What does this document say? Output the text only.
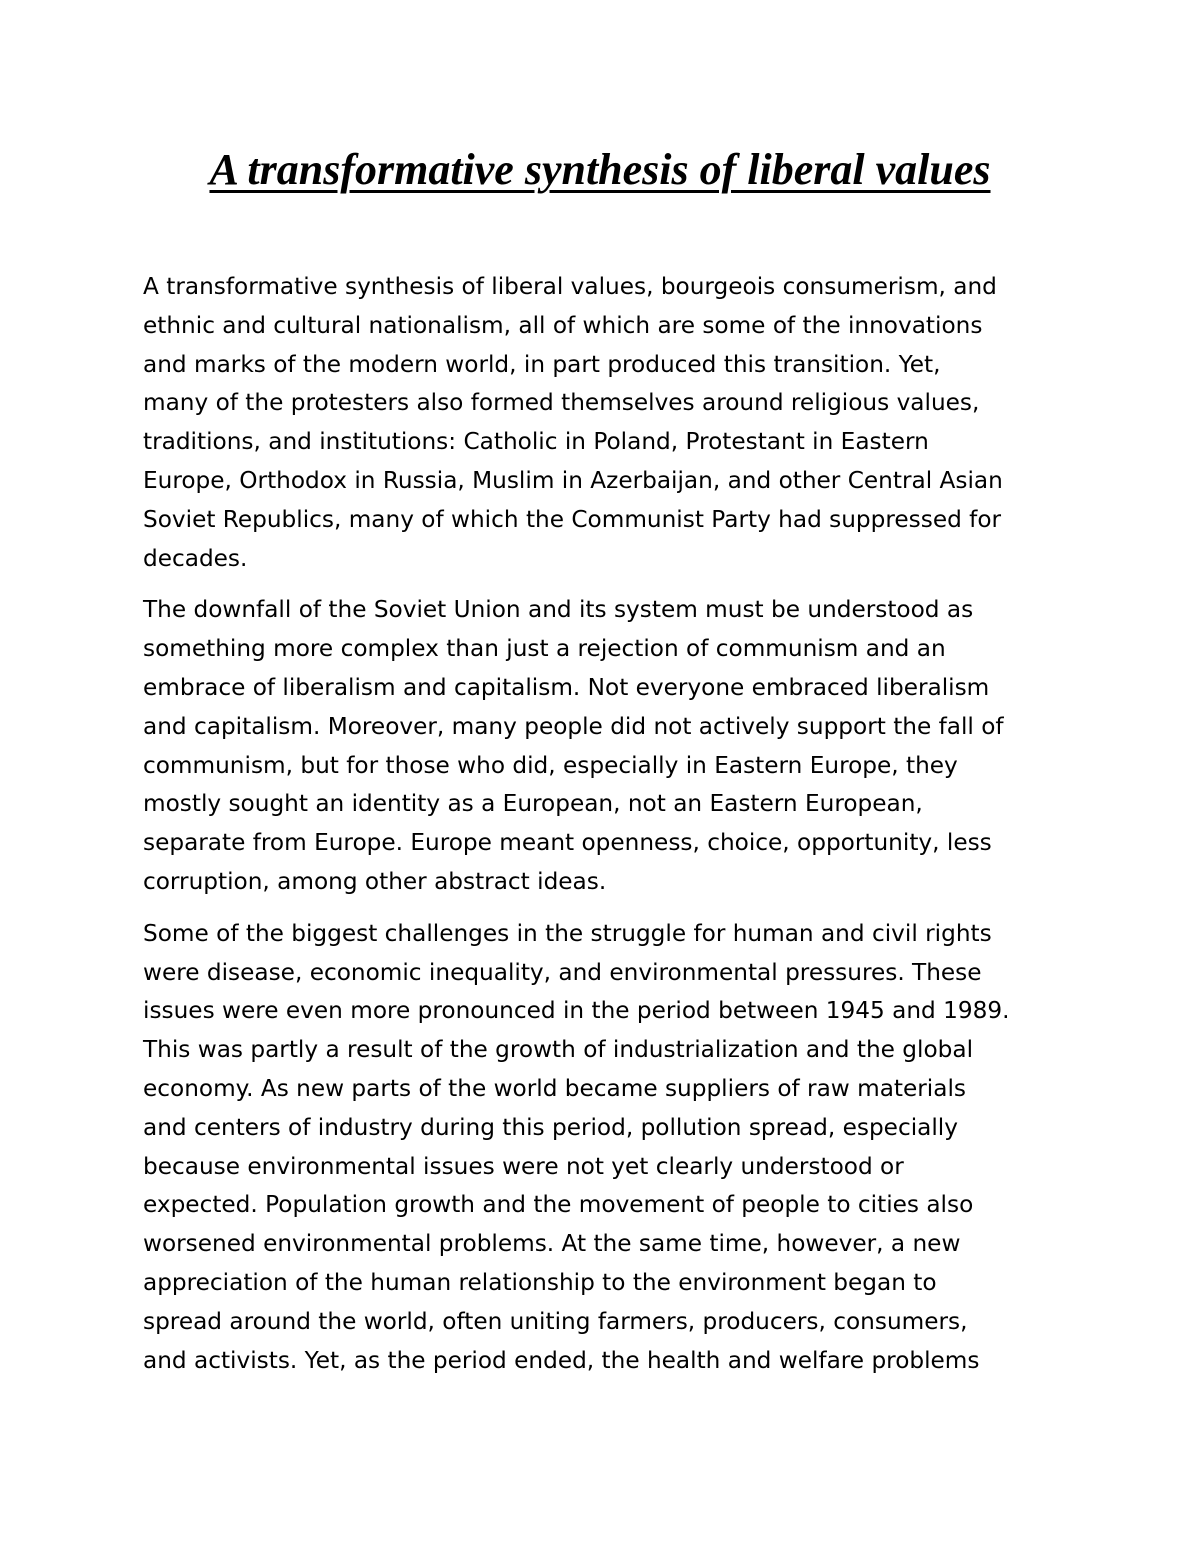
A transformative synthesis of liberal values
A transformative synthesis of liberal values, bourgeois consumerism, and
ethnic and cultural nationalism, all of which are some of the innovations
and marks of the modern world, in part produced this transition. Yet,
many of the protesters also formed themselves around religious values,
traditions, and institutions: Catholic in Poland, Protestant in Eastern
Europe, Orthodox in Russia, Muslim in Azerbaijan, and other Central Asian
Soviet Republics, many of which the Communist Party had suppressed for
decades.
The downfall of the Soviet Union and its system must be understood as
something more complex than just a rejection of communism and an
embrace of liberalism and capitalism. Not everyone embraced liberalism
and capitalism. Moreover, many people did not actively support the fall of
communism, but for those who did, especially in Eastern Europe, they
mostly sought an identity as a European, not an Eastern European,
separate from Europe. Europe meant openness, choice, opportunity, less
corruption, among other abstract ideas.
Some of the biggest challenges in the struggle for human and civil rights
were disease, economic inequality, and environmental pressures. These
issues were even more pronounced in the period between 1945 and 1989.
This was partly a result of the growth of industrialization and the global
economy. As new parts of the world became suppliers of raw materials
and centers of industry during this period, pollution spread, especially
because environmental issues were not yet clearly understood or
expected. Population growth and the movement of people to cities also
worsened environmental problems. At the same time, however, a new
appreciation of the human relationship to the environment began to
spread around the world, often uniting farmers, producers, consumers,
and activists. Yet, as the period ended, the health and welfare problems
